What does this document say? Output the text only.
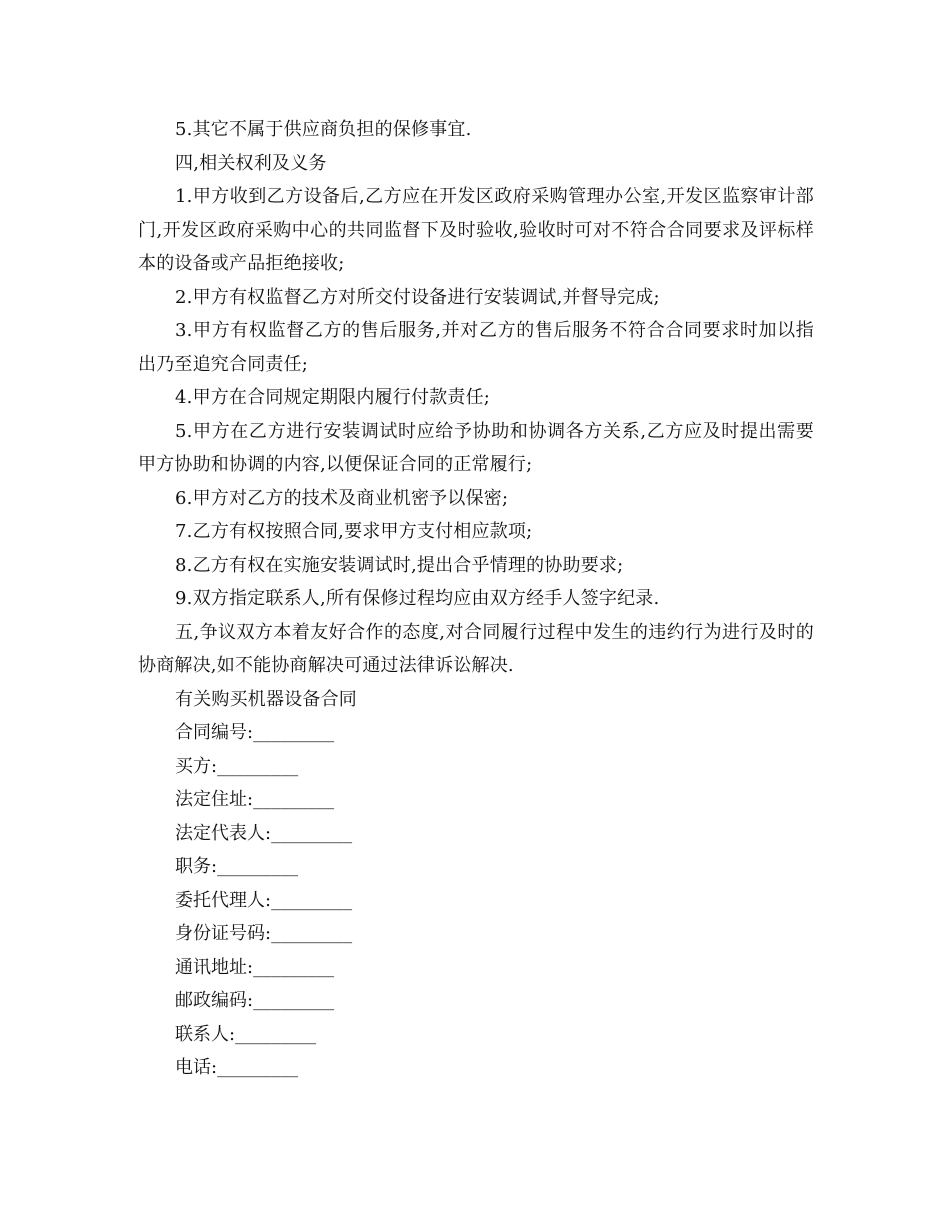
5.其它不属于供应商负担的保修事宜.

四,相关权利及义务

1.甲方收到乙方设备后,乙方应在开发区政府采购管理办公室,开发区监察审计部门,开发区政府采购中心的共同监督下及时验收,验收时可对不符合合同要求及评标样本的设备或产品拒绝接收;

2.甲方有权监督乙方对所交付设备进行安装调试,并督导完成;

3.甲方有权监督乙方的售后服务,并对乙方的售后服务不符合合同要求时加以指出乃至追究合同责任;

4.甲方在合同规定期限内履行付款责任;

5.甲方在乙方进行安装调试时应给予协助和协调各方关系,乙方应及时提出需要甲方协助和协调的内容,以便保证合同的正常履行;

6.甲方对乙方的技术及商业机密予以保密;

7.乙方有权按照合同,要求甲方支付相应款项;

8.乙方有权在实施安装调试时,提出合乎情理的协助要求;

9.双方指定联系人,所有保修过程均应由双方经手人签字纪录.

五,争议双方本着友好合作的态度,对合同履行过程中发生的违约行为进行及时的协商解决,如不能协商解决可通过法律诉讼解决.

有关购买机器设备合同

合同编号:_________

买方:_________

法定住址:_________

法定代表人:_________

职务:_________

委托代理人:_________

身份证号码:_________

通讯地址:_________

邮政编码:_________

联系人:_________

电话:_________
